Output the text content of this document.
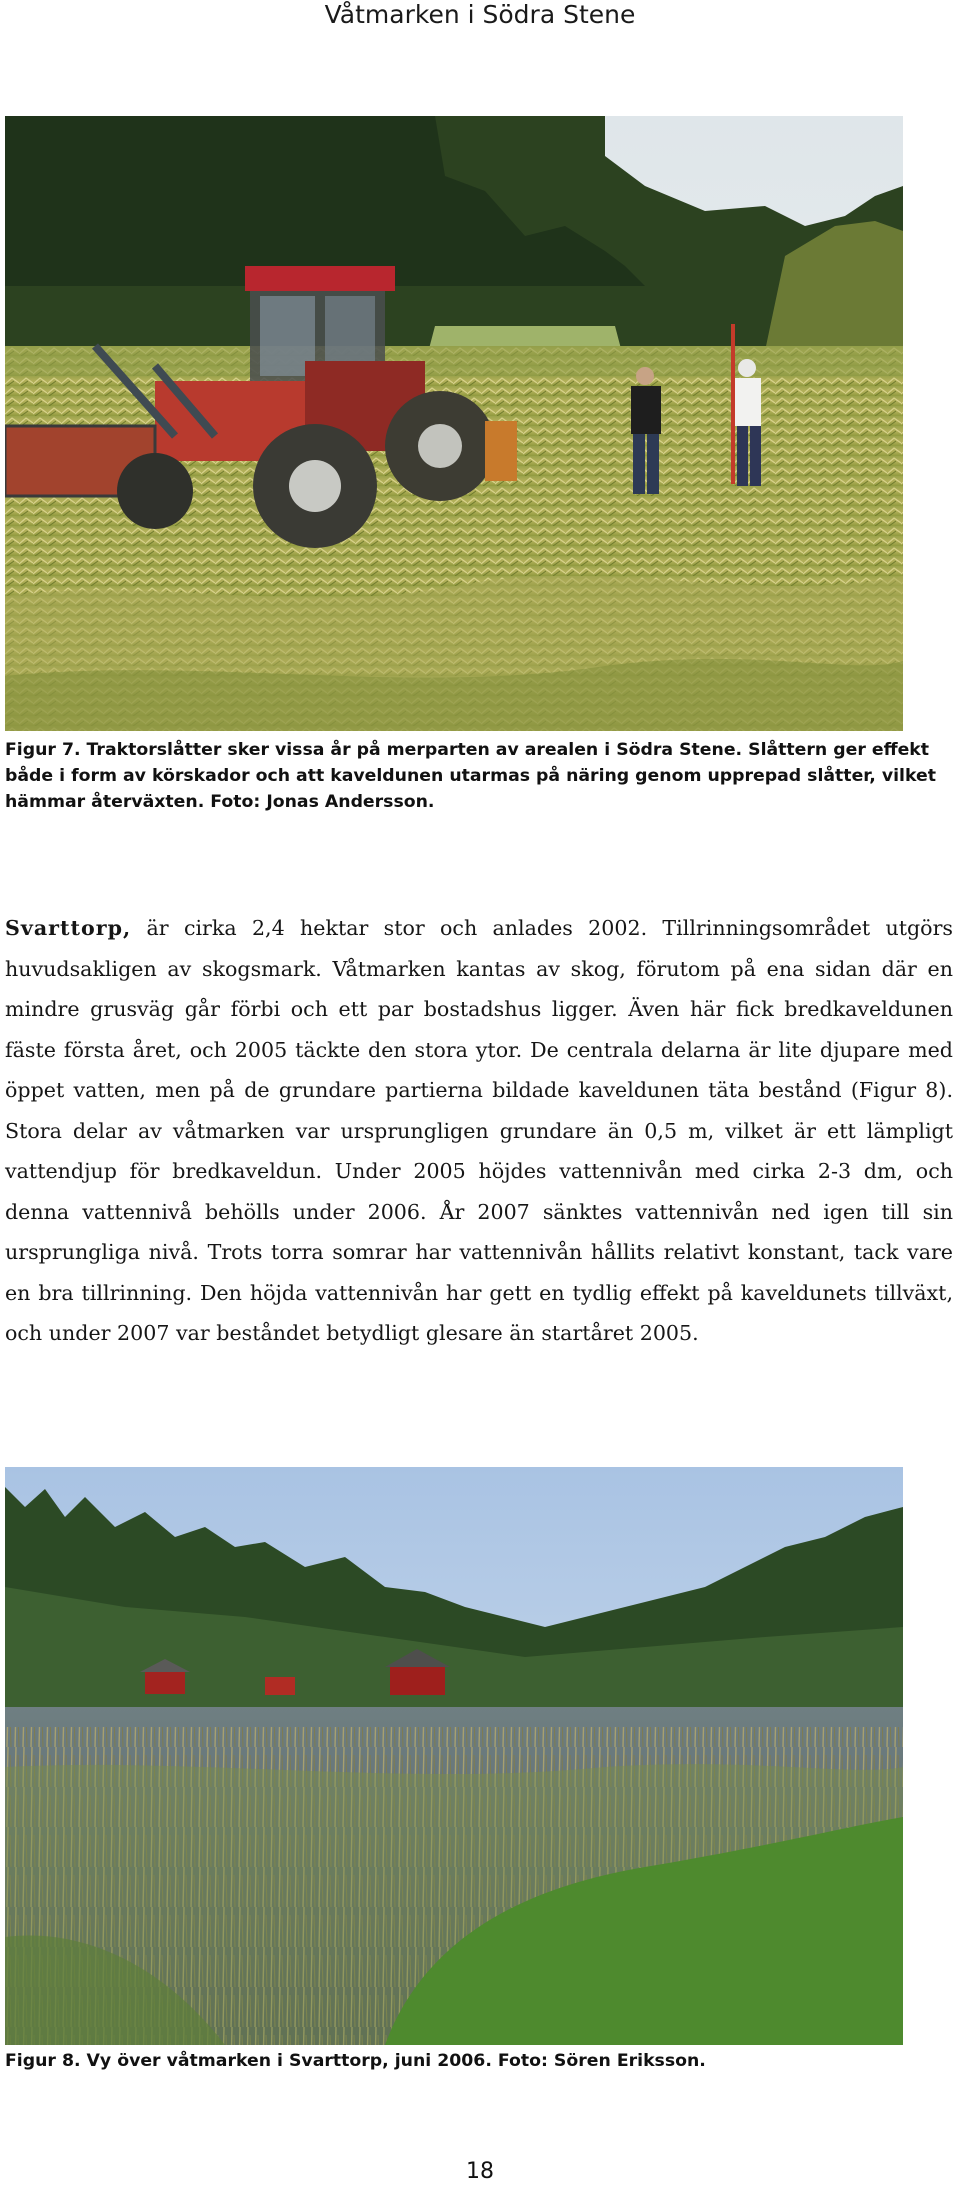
Våtmarken i Södra Stene

Figur 7. Traktorslåtter sker vissa år på merparten av arealen i Södra Stene. Slåttern ger effekt både i form av körskador och att kaveldunen utarmas på näring genom upprepad slåtter, vilket hämmar återväxten. Foto: Jonas Andersson.

Svarttorp, är cirka 2,4 hektar stor och anlades 2002. Tillrinningsområdet utgörs huvudsakligen av skogsmark. Våtmarken kantas av skog, förutom på ena sidan där en mindre grusväg går förbi och ett par bostadshus ligger. Även här fick bredkaveldunen fäste första året, och 2005 täckte den stora ytor. De centrala delarna är lite djupare med öppet vatten, men på de grundare partierna bildade kaveldunen täta bestånd (Figur 8). Stora delar av våtmarken var ursprungligen grundare än 0,5 m, vilket är ett lämpligt vattendjup för bredkaveldun. Under 2005 höjdes vattennivån med cirka 2-3 dm, och denna vattennivå behölls under 2006. År 2007 sänktes vattennivån ned igen till sin ursprungliga nivå. Trots torra somrar har vattennivån hållits relativt konstant, tack vare en bra tillrinning. Den höjda vattennivån har gett en tydlig effekt på kaveldunets tillväxt, och under 2007 var beståndet betydligt glesare än startåret 2005.

Figur 8. Vy över våtmarken i Svarttorp, juni 2006. Foto: Sören Eriksson.

18
